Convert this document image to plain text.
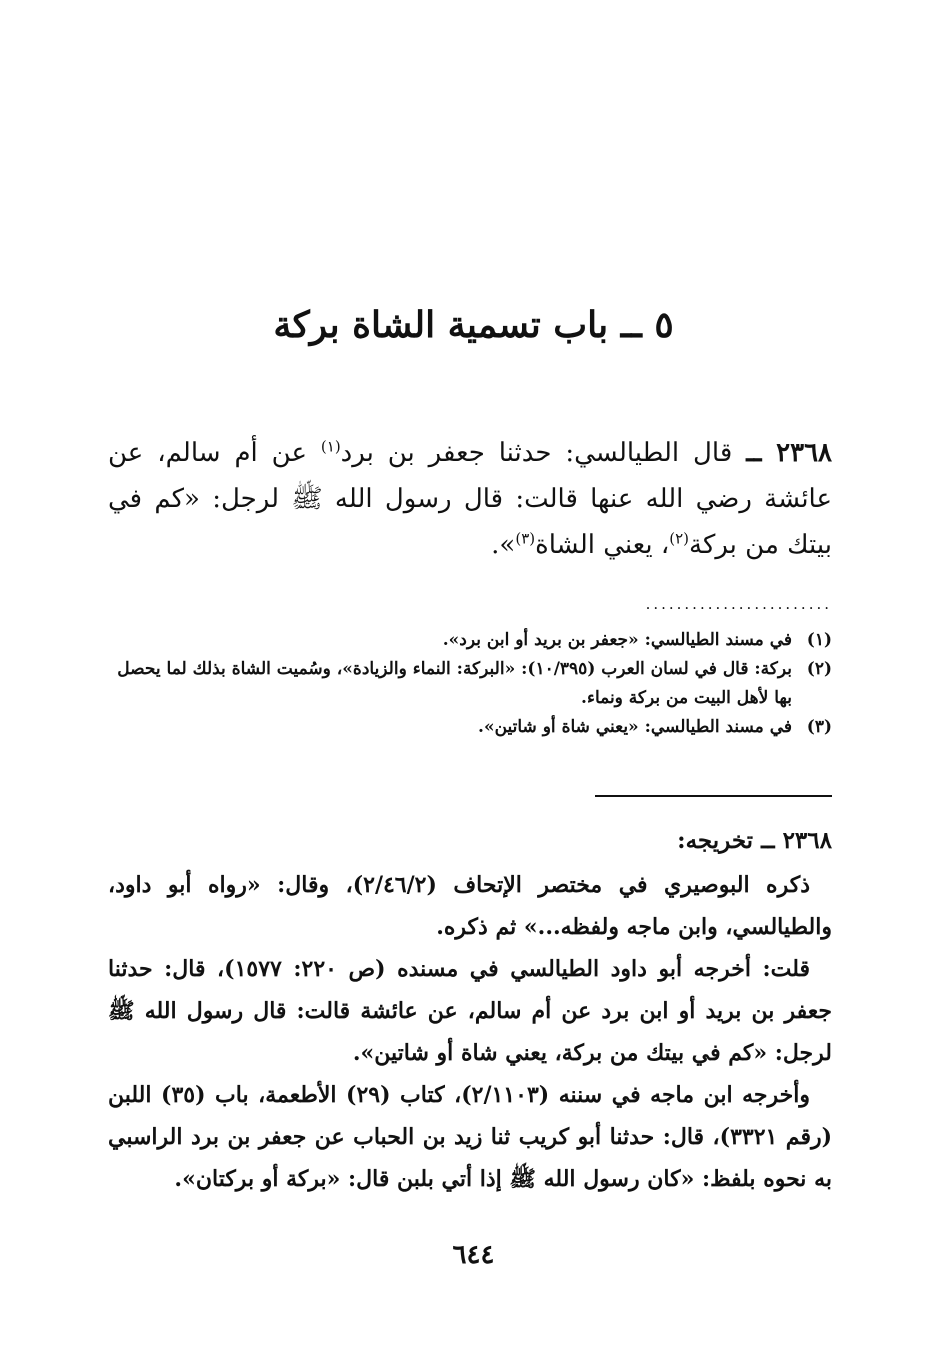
٥ ــ باب تسمية الشاة بركة
٢٣٦٨ ــ قال الطيالسي: حدثنا جعفر بن برد$^{(١)}$ عن أم سالم، عن عائشة رضي الله عنها قالت: قال رسول الله ﷺ لرجل: «كم في بيتك من بركة$^{(٢)}$، يعني الشاة$^{(٣)}$».
........................
(١)
في مسند الطيالسي: «جعفر بن بريد أو ابن برد».
(٢)
بركة: قال في لسان العرب (١٠/٣٩٥): «البركة: النماء والزيادة»، وسُميت الشاة بذلك لما يحصل بها لأهل البيت من بركة ونماء.
(٣)
في مسند الطيالسي: «يعني شاة أو شاتين».

٢٣٦٨ ــ تخريجه:

ذكره البوصيري في مختصر الإتحاف (٢/٤٦/٢)، وقال: «رواه أبو داود، والطيالسي، وابن ماجه ولفظه...» ثم ذكره.

قلت: أخرجه أبو داود الطيالسي في مسنده (ص ٢٢٠: ١٥٧٧)، قال: حدثنا جعفر بن بريد أو ابن برد عن أم سالم، عن عائشة قالت: قال رسول الله ﷺ لرجل: «كم في بيتك من بركة، يعني شاة أو شاتين».

وأخرجه ابن ماجه في سننه (٢/١١٠٣)، كتاب (٢٩) الأطعمة، باب (٣٥) اللبن (رقم ٣٣٢١)، قال: حدثنا أبو كريب ثنا زيد بن الحباب عن جعفر بن برد الراسبي به نحوه بلفظ: «كان رسول الله ﷺ إذا أتي بلبن قال: «بركة أو بركتان».

٦٤٤
